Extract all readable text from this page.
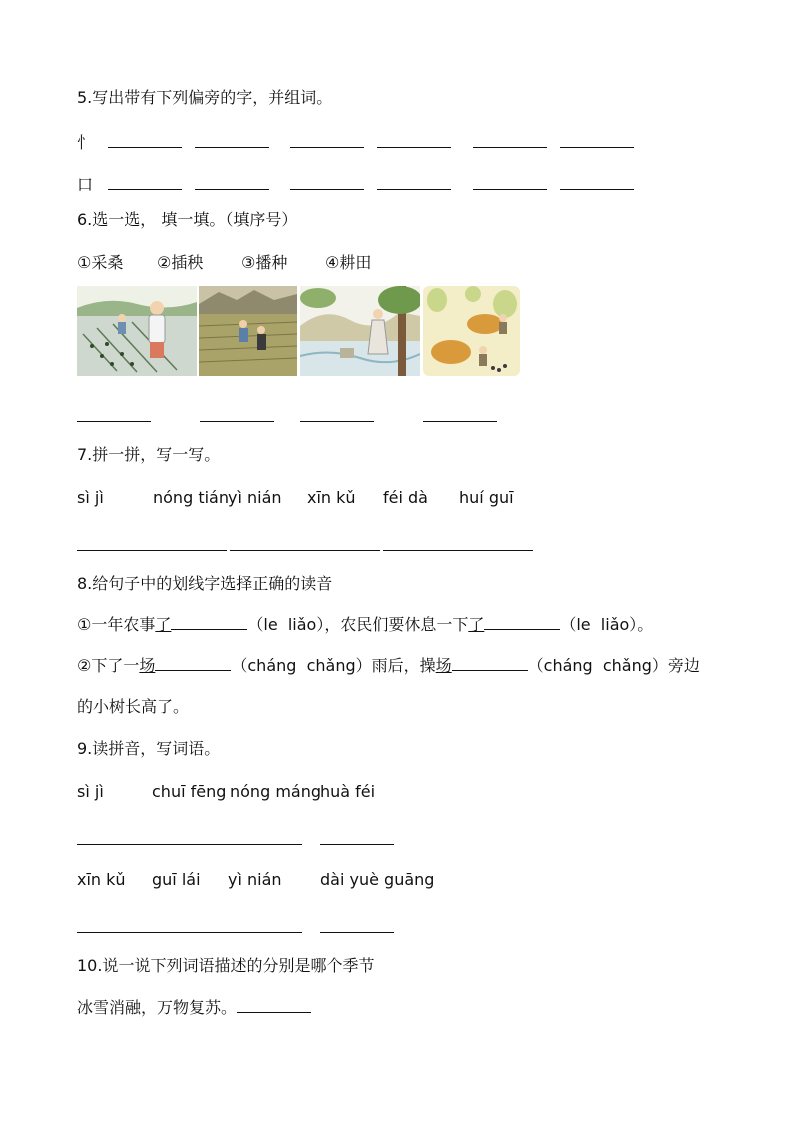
5.写出带有下列偏旁的字，并组词。
忄
口
6.选一选， 填一填。（填序号）
①采桑 ②插秧 ③播种 ④耕田
7.拼一拼，写一写。
sì jì	nóng tián yì nián xīn kǔ féi dà huí guī
8.给句子中的划线字选择正确的读音
①一年农事了	（le  liǎo），农民们要休息一下了	（le  liǎo）。
②下了一场	（cháng  chǎng）雨后，操场	（cháng  chǎng）旁边
的小树长高了。
9.读拼音，写词语。
sì jì	chuī fēng nóng máng huà féi
xīn kǔ guī lái yì nián dài yuè guāng
10.说一说下列词语描述的分别是哪个季节
冰雪消融，万物复苏。
